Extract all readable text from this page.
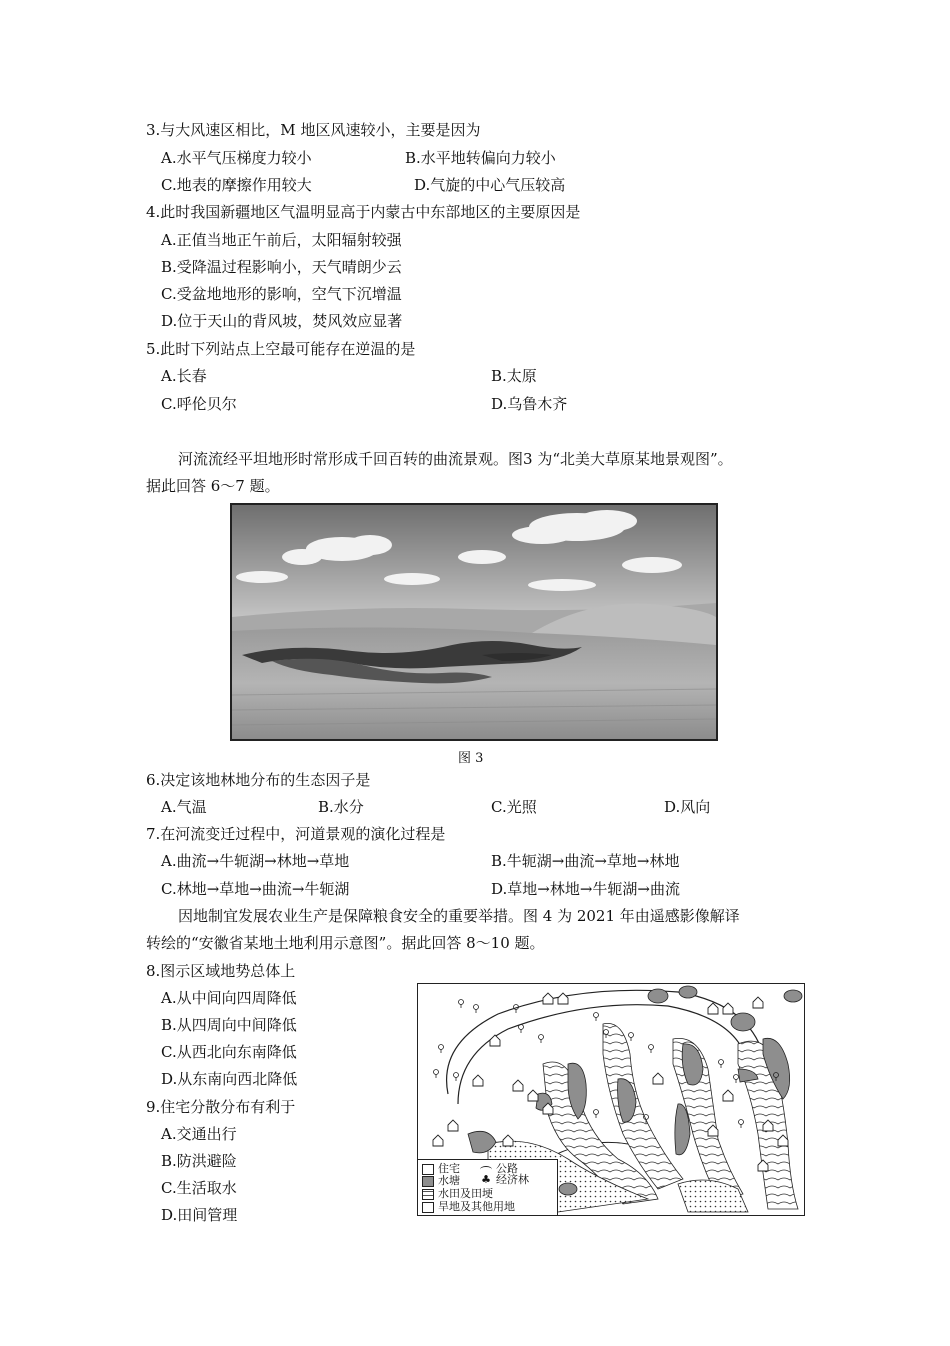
3.与大风速区相比，M 地区风速较小，主要是因为
A.水平气压梯度力较小	B.水平地转偏向力较小
C.地表的摩擦作用较大	D.气旋的中心气压较高
4.此时我国新疆地区气温明显高于内蒙古中东部地区的主要原因是
A.正值当地正午前后，太阳辐射较强
B.受降温过程影响小，天气晴朗少云
C.受盆地地形的影响，空气下沉增温
D.位于天山的背风坡，焚风效应显著
5.此时下列站点上空最可能存在逆温的是
A.长春	B.太原
C.呼伦贝尔	D.乌鲁木齐
河流流经平坦地形时常形成千回百转的曲流景观。图3 为“北美大草原某地景观图”。
据此回答 6～7 题。
图 3
6.决定该地林地分布的生态因子是
A.气温	B.水分	C.光照	D.风向
7.在河流变迁过程中，河道景观的演化过程是
A.曲流→牛轭湖→林地→草地	B.牛轭湖→曲流→草地→林地
C.林地→草地→曲流→牛轭湖	D.草地→林地→牛轭湖→曲流
因地制宜发展农业生产是保障粮食安全的重要举措。图 4 为 2021 年由遥感影像解译
转绘的“安徽省某地土地利用示意图”。据此回答 8～10 题。
8.图示区域地势总体上
A.从中间向四周降低
B.从四周向中间降低
C.从西北向东南降低
D.从东南向西北降低
9.住宅分散分布有利于
A.交通出行
B.防洪避险
C.生活取水
D.田间管理
住宅	公路
♣ 经济林
水塘
水田及田埂
旱地及其他用地
